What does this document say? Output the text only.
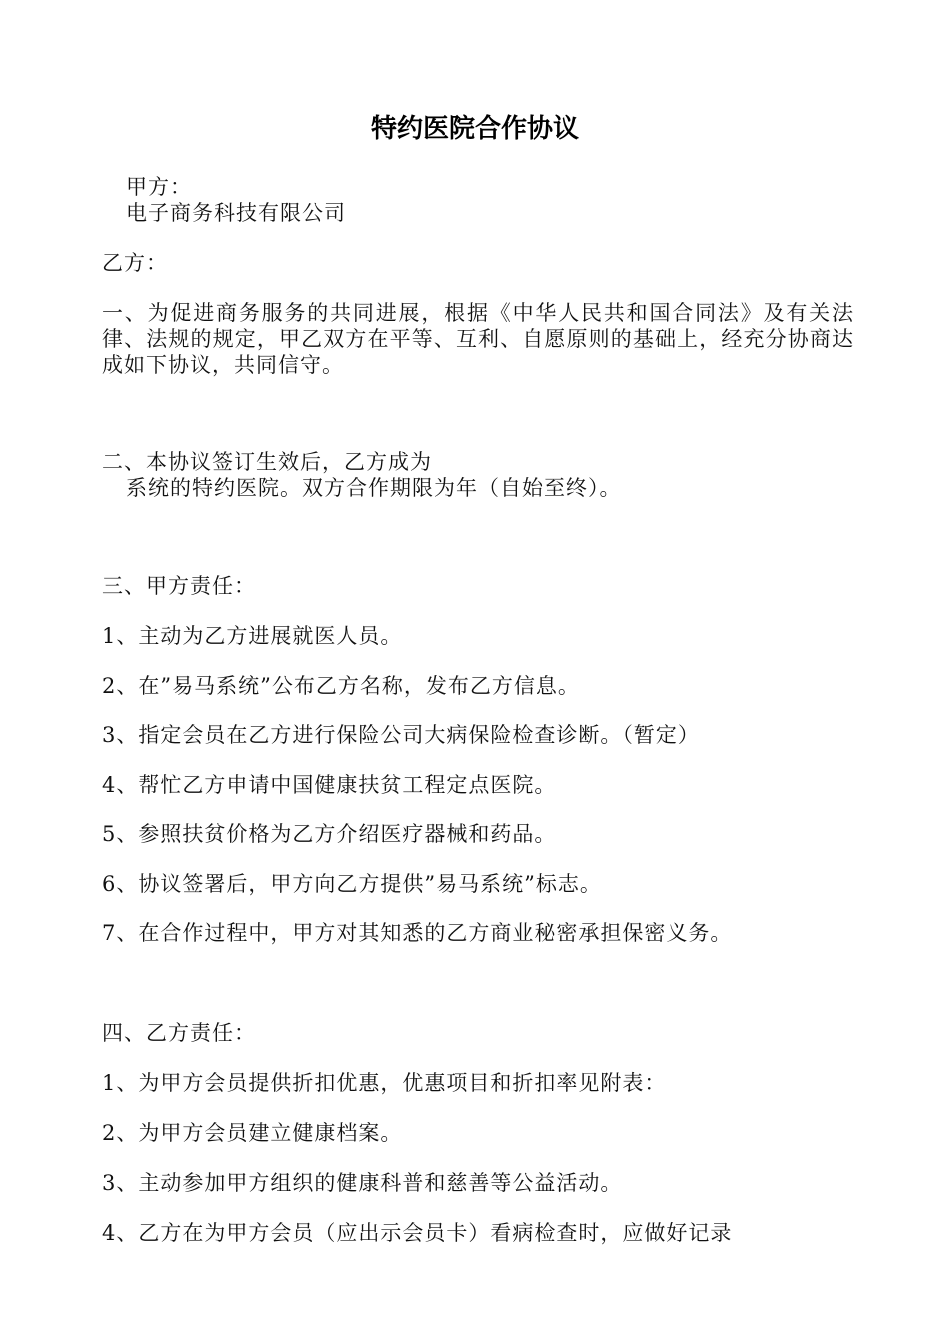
特约医院合作协议
甲方：
电子商务科技有限公司
乙方：
一、为促进商务服务的共同进展，根据《中华人民共和国合同法》及有关法律、法规的规定，甲乙双方在平等、互利、自愿原则的基础上，经充分协商达成如下协议，共同信守。
二、本协议签订生效后，乙方成为
系统的特约医院。双方合作期限为年（自始至终）。
三、甲方责任：
1、主动为乙方进展就医人员。
2、在”易马系统”公布乙方名称，发布乙方信息。
3、指定会员在乙方进行保险公司大病保险检查诊断。（暂定）
4、帮忙乙方申请中国健康扶贫工程定点医院。
5、参照扶贫价格为乙方介绍医疗器械和药品。
6、协议签署后，甲方向乙方提供”易马系统”标志。
7、在合作过程中，甲方对其知悉的乙方商业秘密承担保密义务。
四、乙方责任：
1、为甲方会员提供折扣优惠，优惠项目和折扣率见附表：
2、为甲方会员建立健康档案。
3、主动参加甲方组织的健康科普和慈善等公益活动。
4、乙方在为甲方会员（应出示会员卡）看病检查时，应做好记录
